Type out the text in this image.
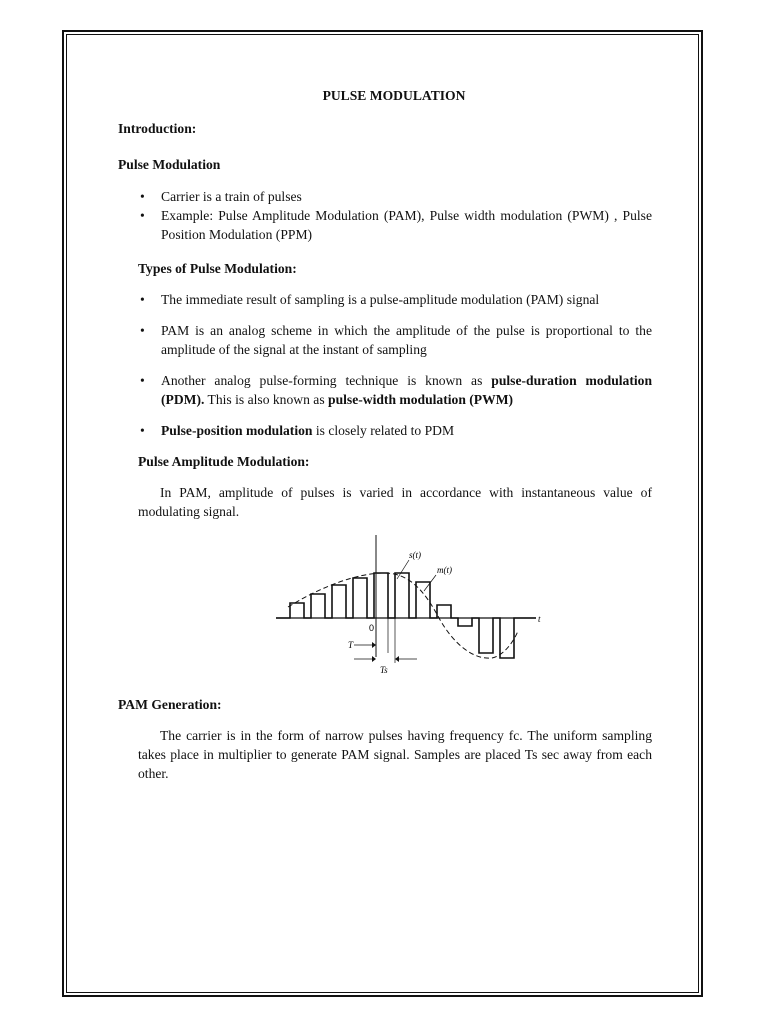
PULSE MODULATION
Introduction:
Pulse Modulation
• Carrier is a train of pulses
• Example: Pulse Amplitude Modulation (PAM), Pulse width modulation (PWM) , Pulse Position Modulation (PPM)
Types of Pulse Modulation:
• The immediate result of sampling is a pulse-amplitude modulation (PAM) signal
• PAM is an analog scheme in which the amplitude of the pulse is proportional to the amplitude of the signal at the instant of sampling
• Another analog pulse-forming technique is known as pulse-duration modulation (PDM). This is also known as pulse-width modulation (PWM)
• Pulse-position modulation is closely related to PDM
Pulse Amplitude Modulation:
In PAM, amplitude of pulses is varied in accordance with instantaneous value of modulating signal.
s(t)
m(t)
t
0
T
Ts
PAM Generation:
The carrier is in the form of narrow pulses having frequency fc. The uniform sampling takes place in multiplier to generate PAM signal. Samples are placed Ts sec away from each other.
